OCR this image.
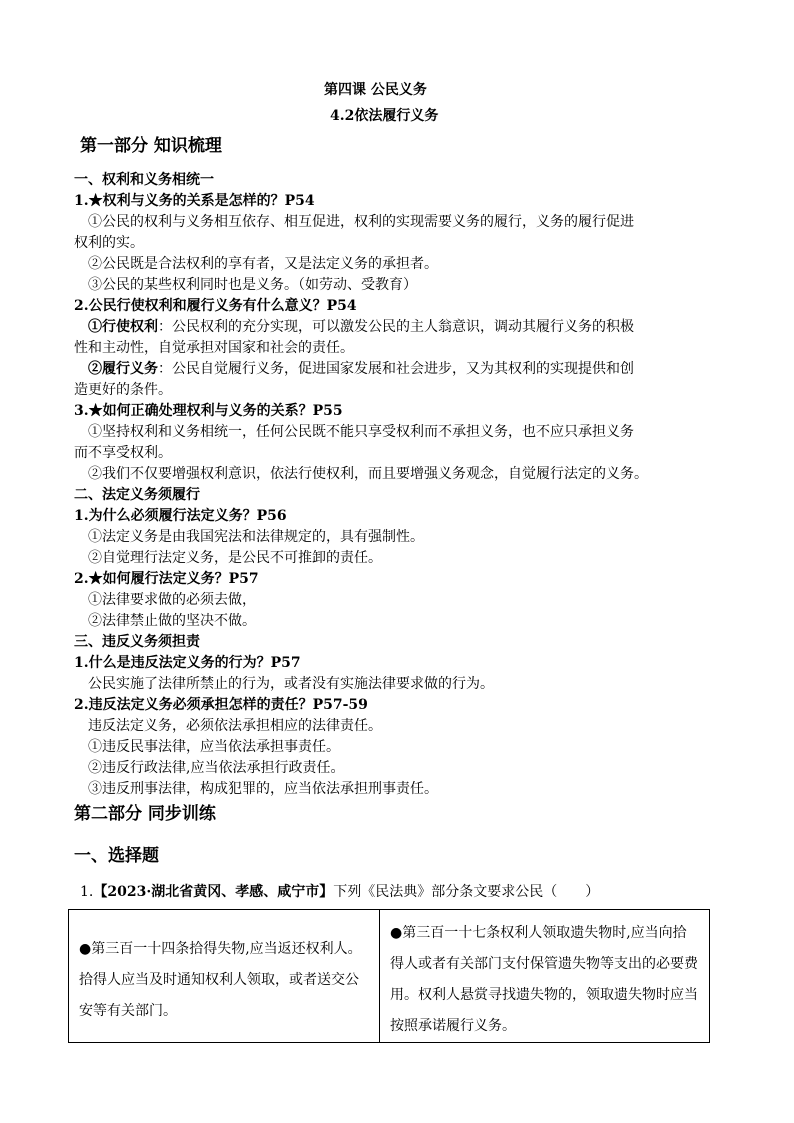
第四课 公民义务
4.2依法履行义务
第一部分 知识梳理
一、权利和义务相统一
1.★权利与义务的关系是怎样的？P54
①公民的权利与义务相互依存、相互促进，权利的实现需要义务的履行，义务的履行促进
权利的实。
②公民既是合法权利的享有者，又是法定义务的承担者。
③公民的某些权利同时也是义务。（如劳动、受教育）
2.公民行使权利和履行义务有什么意义？P54
①行使权利：公民权利的充分实现，可以激发公民的主人翁意识，调动其履行义务的积极
性和主动性，自觉承担对国家和社会的责任。
②履行义务：公民自觉履行义务，促进国家发展和社会进步，又为其权利的实现提供和创
造更好的条件。
3.★如何正确处理权利与义务的关系？P55
①坚持权利和义务相统一，任何公民既不能只享受权利而不承担义务，也不应只承担义务
而不享受权利。
②我们不仅要增强权利意识，依法行使权利，而且要增强义务观念，自觉履行法定的义务。
二、法定义务须履行
1.为什么必须履行法定义务？P56
①法定义务是由我国宪法和法律规定的，具有强制性。
②自觉理行法定义务，是公民不可推卸的责任。
2.★如何履行法定义务？P57
①法律要求做的必须去做，
②法律禁止做的坚决不做。
三、违反义务须担责
1.什么是违反法定义务的行为？P57
公民实施了法律所禁止的行为，或者没有实施法律要求做的行为。
2.违反法定义务必须承担怎样的责任？P57-59
违反法定义务，必须依法承担相应的法律责任。
①违反民事法律，应当依法承担事责任。
②违反行政法律,应当依法承担行政责任。
③违反刑事法律，构成犯罪的，应当依法承担刑事责任。
第二部分 同步训练
一、选择题
1.【2023·湖北省黄冈、孝感、咸宁市】下列《民法典》部分条文要求公民（　　）
●第三百一十四条拾得失物,应当返还权利人。拾得人应当及时通知权利人领取，或者送交公安等有关部门。
●第三百一十七条权利人领取遗失物时,应当向拾得人或者有关部门支付保管遗失物等支出的必要费用。权利人悬赏寻找遗失物的，领取遗失物时应当按照承诺履行义务。
